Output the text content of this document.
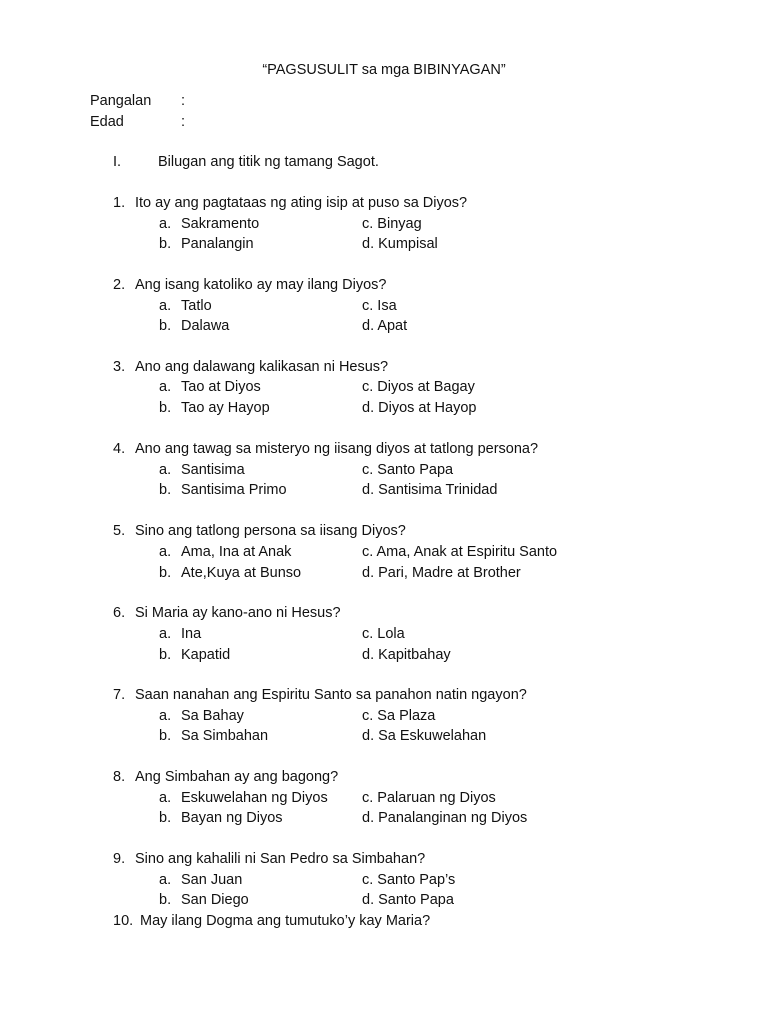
“PAGSUSULIT sa mga BIBINYAGAN”
Pangalan :
Edad	:
I.	Bilugan ang titik ng tamang Sagot.
1. Ito ay ang pagtataas ng ating isip at puso sa Diyos?
a. Sakramento	c. Binyag
b. Panalangin	d. Kumpisal
2. Ang isang katoliko ay may ilang Diyos?
a. Tatlo	c. Isa
b. Dalawa	d. Apat
3. Ano ang dalawang kalikasan ni Hesus?
a. Tao at Diyos	c. Diyos at Bagay
b. Tao ay Hayop	d. Diyos at Hayop
4. Ano ang tawag sa misteryo ng iisang diyos at tatlong persona?
a. Santisima	c. Santo Papa
b. Santisima Primo	d. Santisima Trinidad
5. Sino ang tatlong persona sa iisang Diyos?
a. Ama, Ina at Anak	c. Ama, Anak at Espiritu Santo
b. Ate,Kuya at Bunso	d. Pari, Madre at Brother
6. Si Maria ay kano-ano ni Hesus?
a. Ina	c. Lola
b. Kapatid	d. Kapitbahay
7. Saan nanahan ang Espiritu Santo sa panahon natin ngayon?
a. Sa Bahay	c. Sa Plaza
b. Sa Simbahan	d. Sa Eskuwelahan
8. Ang Simbahan ay ang bagong?
a. Eskuwelahan ng Diyos c. Palaruan ng Diyos
b. Bayan ng Diyos	d. Panalanginan ng Diyos
9. Sino ang kahalili ni San Pedro sa Simbahan?
a. San Juan	c. Santo Pap’s
b. San Diego	d. Santo Papa
10. May ilang Dogma ang tumutuko’y kay Maria?
